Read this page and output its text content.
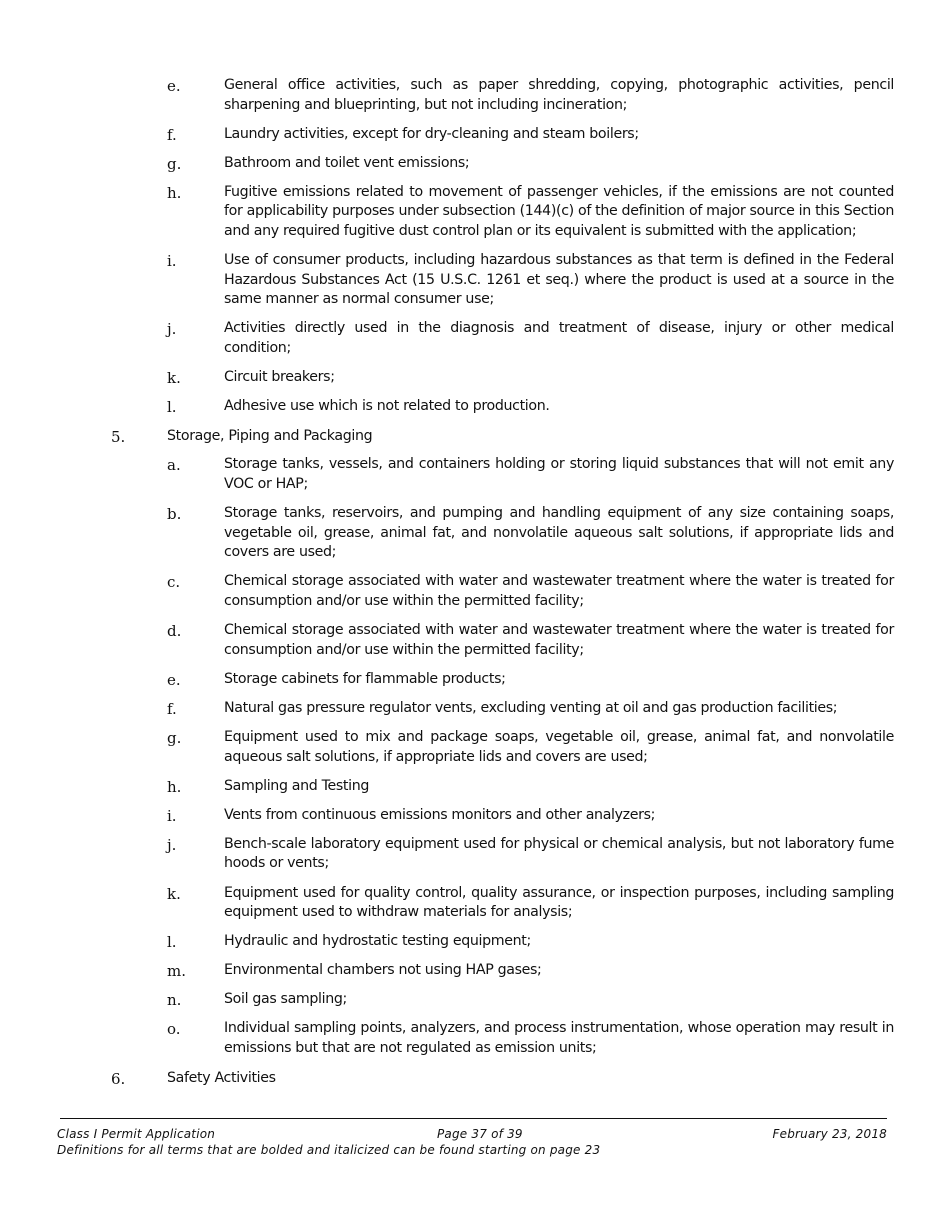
e.	General office activities, such as paper shredding, copying, photographic activities, pencil sharpening and blueprinting, but not including incineration;
f.	Laundry activities, except for dry-cleaning and steam boilers;
g.	Bathroom and toilet vent emissions;
h.	Fugitive emissions related to movement of passenger vehicles, if the emissions are not counted for applicability purposes under subsection (144)(c) of the definition of major source in this Section and any required fugitive dust control plan or its equivalent is submitted with the application;
i.	Use of consumer products, including hazardous substances as that term is defined in the Federal Hazardous Substances Act (15 U.S.C. 1261 et seq.) where the product is used at a source in the same manner as normal consumer use;
j.	Activities directly used in the diagnosis and treatment of disease, injury or other medical condition;
k.	Circuit breakers;
l.	Adhesive use which is not related to production.
5.	Storage, Piping and Packaging
a.	Storage tanks, vessels, and containers holding or storing liquid substances that will not emit any VOC or HAP;
b.	Storage tanks, reservoirs, and pumping and handling equipment of any size containing soaps, vegetable oil, grease, animal fat, and nonvolatile aqueous salt solutions, if appropriate lids and covers are used;
c.	Chemical storage associated with water and wastewater treatment where the water is treated for consumption and/or use within the permitted facility;
d.	Chemical storage associated with water and wastewater treatment where the water is treated for consumption and/or use within the permitted facility;
e.	Storage cabinets for flammable products;
f.	Natural gas pressure regulator vents, excluding venting at oil and gas production facilities;
g.	Equipment used to mix and package soaps, vegetable oil, grease, animal fat, and nonvolatile aqueous salt solutions, if appropriate lids and covers are used;
h.	Sampling and Testing
i.	Vents from continuous emissions monitors and other analyzers;
j.	Bench-scale laboratory equipment used for physical or chemical analysis, but not laboratory fume hoods or vents;
k.	Equipment used for quality control, quality assurance, or inspection purposes, including sampling equipment used to withdraw materials for analysis;
l.	Hydraulic and hydrostatic testing equipment;
m.	Environmental chambers not using HAP gases;
n.	Soil gas sampling;
o.	Individual sampling points, analyzers, and process instrumentation, whose operation may result in emissions but that are not regulated as emission units;
6.	Safety Activities
Class I Permit Application	Page 37 of 39	February 23, 2018
Definitions for all terms that are bolded and italicized can be found starting on page 23
